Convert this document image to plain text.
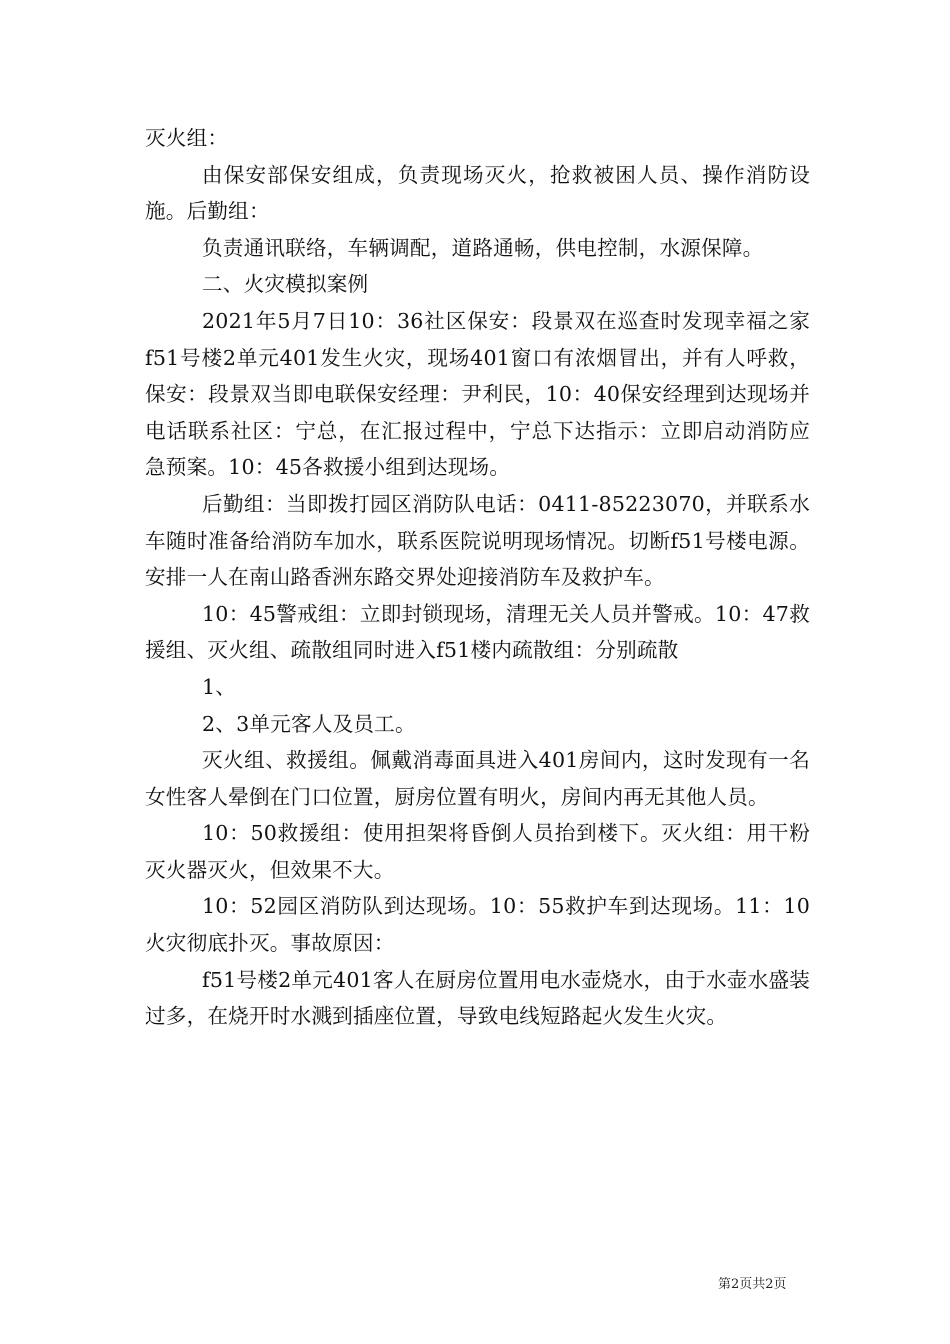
灭火组：

由保安部保安组成，负责现场灭火，抢救被困人员、操作消防设施。后勤组：

负责通讯联络，车辆调配，道路通畅，供电控制，水源保障。

二、火灾模拟案例

2021年5月7日10：36社区保安：段景双在巡查时发现幸福之家f51号楼2单元401发生火灾，现场401窗口有浓烟冒出，并有人呼救，保安：段景双当即电联保安经理：尹利民，10：40保安经理到达现场并电话联系社区：宁总，在汇报过程中，宁总下达指示：立即启动消防应急预案。10：45各救援小组到达现场。

后勤组：当即拨打园区消防队电话：0411-85223070，并联系水车随时准备给消防车加水，联系医院说明现场情况。切断f51号楼电源。安排一人在南山路香洲东路交界处迎接消防车及救护车。

10：45警戒组：立即封锁现场，清理无关人员并警戒。10：47救援组、灭火组、疏散组同时进入f51楼内疏散组：分别疏散

1、

2、3单元客人及员工。

灭火组、救援组。佩戴消毒面具进入401房间内，这时发现有一名女性客人晕倒在门口位置，厨房位置有明火，房间内再无其他人员。

10：50救援组：使用担架将昏倒人员抬到楼下。灭火组：用干粉灭火器灭火，但效果不大。

10：52园区消防队到达现场。10：55救护车到达现场。11：10火灾彻底扑灭。事故原因：

f51号楼2单元401客人在厨房位置用电水壶烧水，由于水壶水盛装过多，在烧开时水溅到插座位置，导致电线短路起火发生火灾。

第2页共2页
